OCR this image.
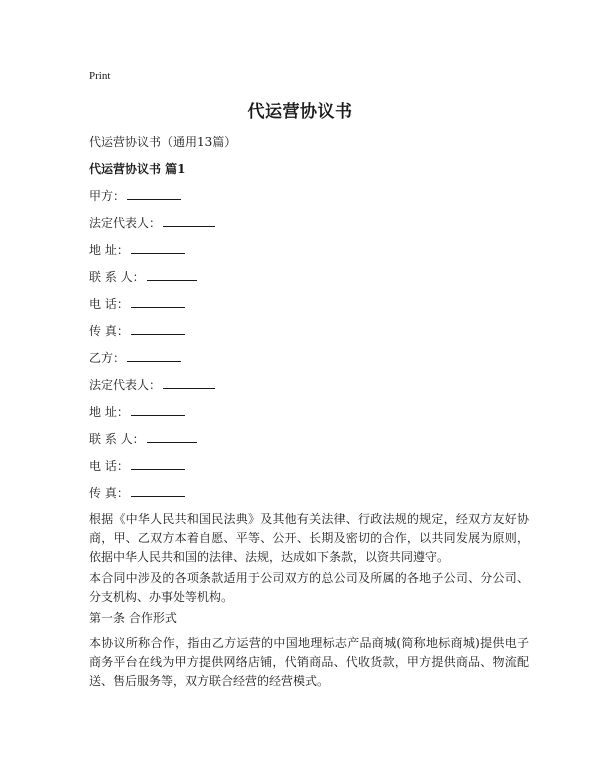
Print
代运营协议书
代运营协议书（通用13篇）
代运营协议书 篇1
甲方：
法定代表人：
地 址：
联 系 人：
电 话：
传 真：
乙方：
法定代表人：
地 址：
联 系 人：
电 话：
传 真：
根据《中华人民共和国民法典》及其他有关法律、行政法规的规定，经双方友好协商，甲、乙双方本着自愿、平等、公开、长期及密切的合作，以共同发展为原则，依据中华人民共和国的法律、法规，达成如下条款，以资共同遵守。
本合同中涉及的各项条款适用于公司双方的总公司及所属的各地子公司、分公司、分支机构、办事处等机构。
第一条 合作形式
本协议所称合作，指由乙方运营的中国地理标志产品商城(简称地标商城)提供电子商务平台在线为甲方提供网络店铺，代销商品、代收货款，甲方提供商品、物流配送、售后服务等，双方联合经营的经营模式。
